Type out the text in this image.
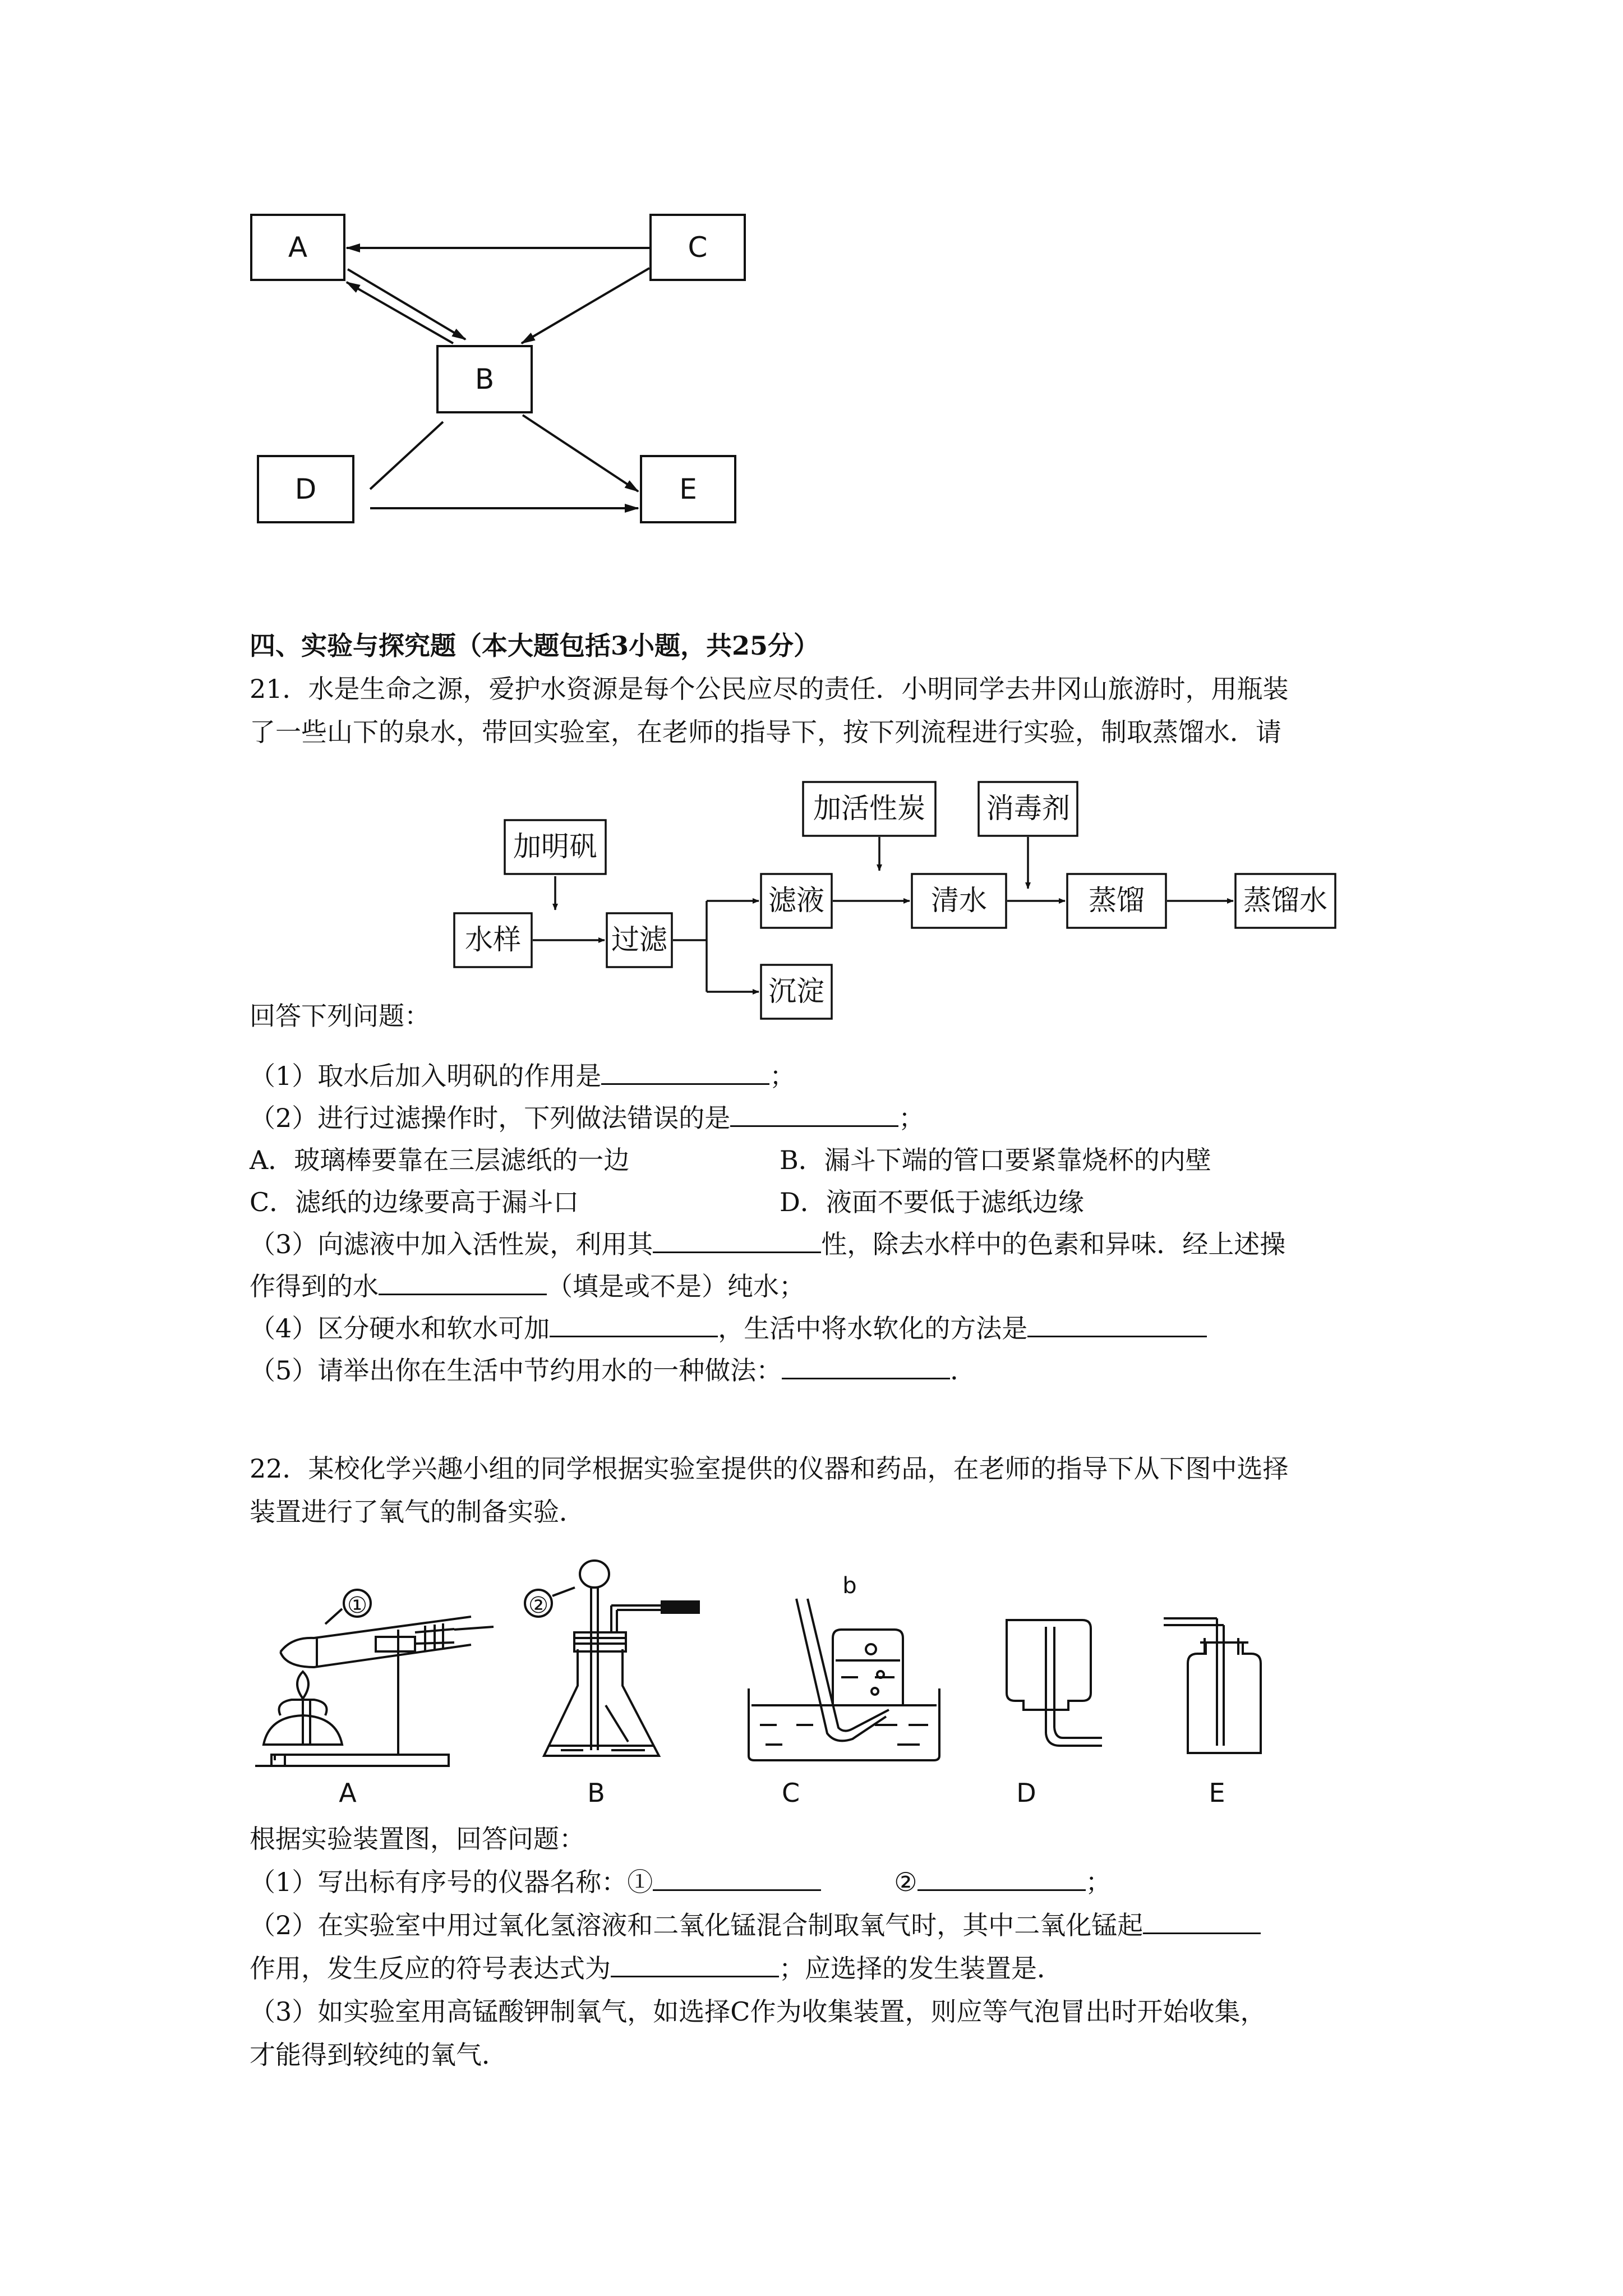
A	C
B
D	E
加明矾
水样	过滤
滤液
沉淀
加活性炭
清水
消毒剂
蒸馏	蒸馏水
A	B	C	D	E
①	②
b
四、实验与探究题（本大题包括3小题，共25分）
21．水是生命之源，爱护水资源是每个公民应尽的责任．小明同学去井冈山旅游时，用瓶装
了一些山下的泉水，带回实验室，在老师的指导下，按下列流程进行实验，制取蒸馏水．请
回答下列问题：
（1）取水后加入明矾的作用是	；
（2）进行过滤操作时，下列做法错误的是	；
A．玻璃棒要靠在三层滤纸的一边	B．漏斗下端的管口要紧靠烧杯的内壁
C．滤纸的边缘要高于漏斗口	D．液面不要低于滤纸边缘
（3）向滤液中加入活性炭，利用其	性，除去水样中的色素和异味．经上述操
作得到的水	（填是或不是）纯水；
（4）区分硬水和软水可加	，生活中将水软化的方法是
（5）请举出你在生活中节约用水的一种做法：	．
22．某校化学兴趣小组的同学根据实验室提供的仪器和药品，在老师的指导下从下图中选择
装置进行了氧气的制备实验．
根据实验装置图，回答问题：
（1）写出标有序号的仪器名称：①	②	；
（2）在实验室中用过氧化氢溶液和二氧化锰混合制取氧气时，其中二氧化锰起
作用，发生反应的符号表达式为	；应选择的发生装置是．
（3）如实验室用高锰酸钾制氧气，如选择C作为收集装置，则应等气泡冒出时开始收集，
才能得到较纯的氧气．
